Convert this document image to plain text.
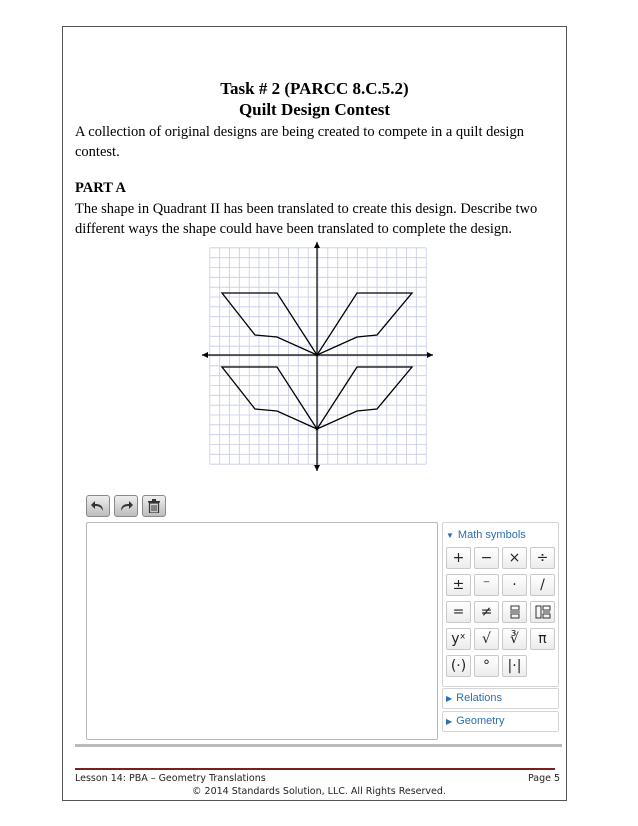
Task # 2 (PARCC 8.C.5.2)
Quilt Design Contest
A collection of original designs are being created to compete in a quilt design contest.
PART A
The shape in Quadrant II has been translated to create this design. Describe two different ways the shape could have been translated to complete the design.
▼ Math symbols
+ − × ÷
± ⁻ · /
= ≠
yˣ √ ∛ π
(·) ° |·|
▶ Relations
▶ Geometry
Lesson 14: PBA – Geometry Translations	Page 5
© 2014 Standards Solution, LLC. All Rights Reserved.
